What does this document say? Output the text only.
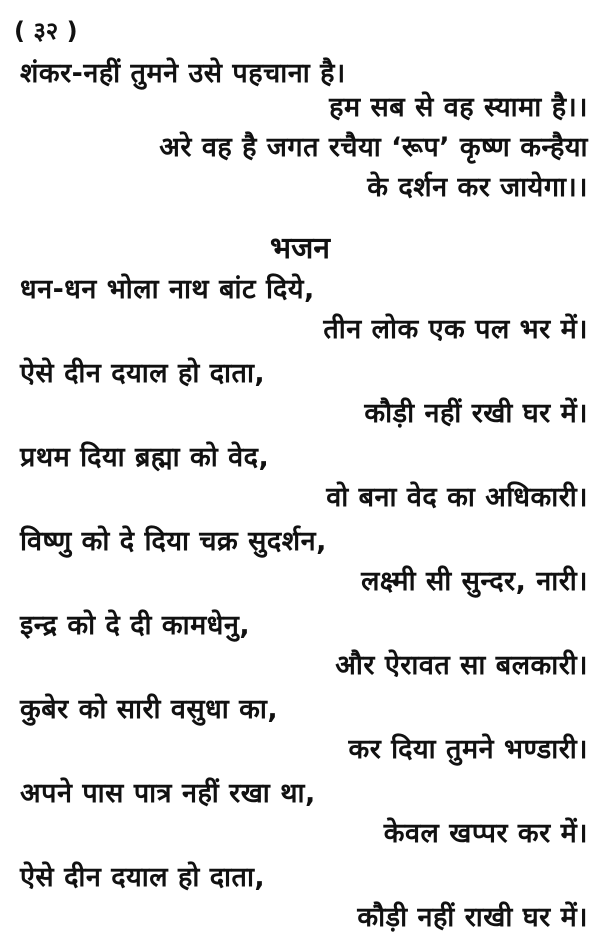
( ३२ )
शंकर-नहीं तुमने उसे पहचाना है।
हम सब से वह स्यामा है।।
अरे वह है जगत रचैया ‘रूप’ कृष्ण कन्हैया
के दर्शन कर जायेगा।।
भजन
धन-धन भोला नाथ बांट दिये,
तीन लोक एक पल भर में।
ऐसे दीन दयाल हो दाता,
कौड़ी नहीं रखी घर में।
प्रथम दिया ब्रह्मा को वेद,
वो बना वेद का अधिकारी।
विष्णु को दे दिया चक्र सुदर्शन,
लक्ष्मी सी सुन्दर, नारी।
इन्द्र को दे दी कामधेनु,
और ऐरावत सा बलकारी।
कुबेर को सारी वसुधा का,
कर दिया तुमने भण्डारी।
अपने पास पात्र नहीं रखा था,
केवल खप्पर कर में।
ऐसे दीन दयाल हो दाता,
कौड़ी नहीं राखी घर में।
